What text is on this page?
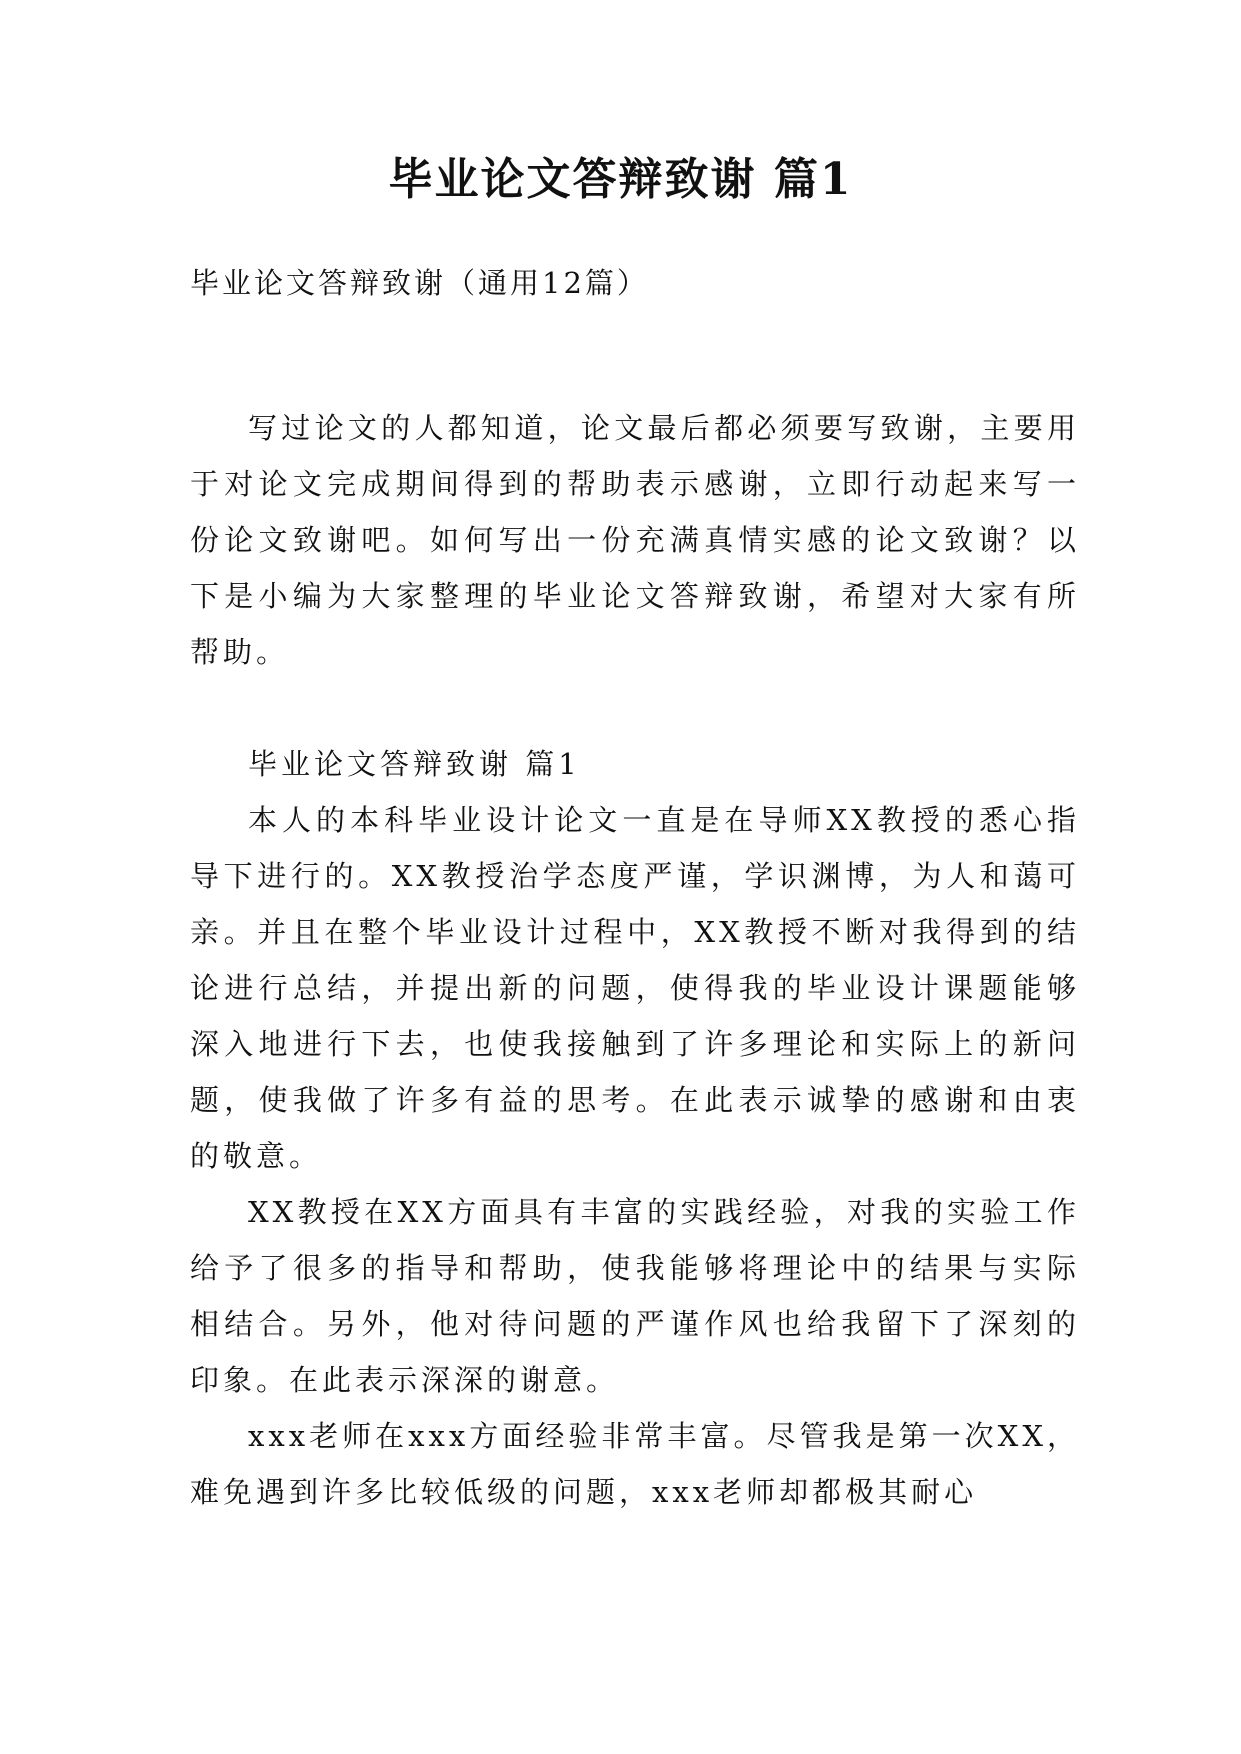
毕业论文答辩致谢 篇1

毕业论文答辩致谢（通用12篇）

写过论文的人都知道，论文最后都必须要写致谢，主要用于对论文完成期间得到的帮助表示感谢，立即行动起来写一份论文致谢吧。如何写出一份充满真情实感的论文致谢？以下是小编为大家整理的毕业论文答辩致谢，希望对大家有所帮助。

毕业论文答辩致谢 篇1

本人的本科毕业设计论文一直是在导师XX教授的悉心指导下进行的。XX教授治学态度严谨，学识渊博，为人和蔼可亲。并且在整个毕业设计过程中，XX教授不断对我得到的结论进行总结，并提出新的问题，使得我的毕业设计课题能够深入地进行下去，也使我接触到了许多理论和实际上的新问题，使我做了许多有益的思考。在此表示诚挚的感谢和由衷的敬意。

XX教授在XX方面具有丰富的实践经验，对我的实验工作给予了很多的指导和帮助，使我能够将理论中的结果与实际相结合。另外，他对待问题的严谨作风也给我留下了深刻的印象。在此表示深深的谢意。

xxx老师在xxx方面经验非常丰富。尽管我是第一次XX，难免遇到许多比较低级的问题，xxx老师却都极其耐心
